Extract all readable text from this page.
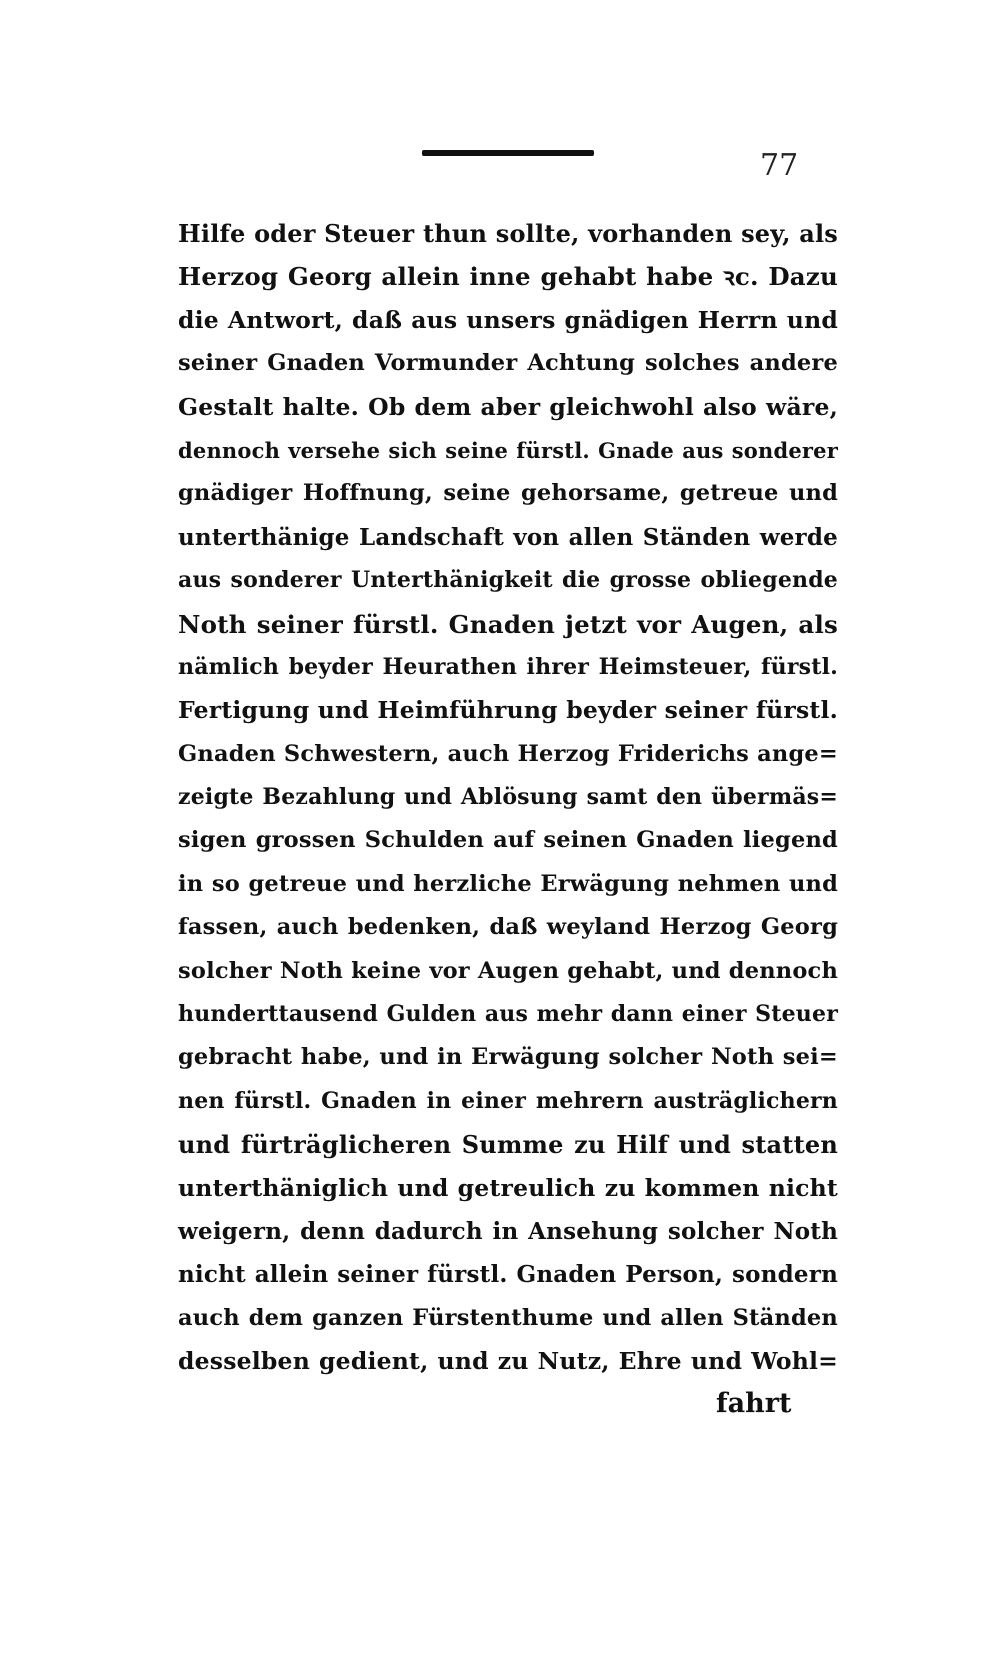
77
Hilfe oder Steuer thun sollte, vorhanden sey, als
Herzog Georg allein inne gehabt habe ꝛc. Dazu
die Antwort, daß aus unsers gnädigen Herrn und
seiner Gnaden Vormunder Achtung solches andere
Gestalt halte. Ob dem aber gleichwohl also wäre,
dennoch versehe sich seine fürstl. Gnade aus sonderer
gnädiger Hoffnung, seine gehorsame, getreue und
unterthänige Landschaft von allen Ständen werde
aus sonderer Unterthänigkeit die grosse obliegende
Noth seiner fürstl. Gnaden jetzt vor Augen, als
nämlich beyder Heurathen ihrer Heimsteuer, fürstl.
Fertigung und Heimführung beyder seiner fürstl.
Gnaden Schwestern, auch Herzog Friderichs ange=
zeigte Bezahlung und Ablösung samt den übermäs=
sigen grossen Schulden auf seinen Gnaden liegend
in so getreue und herzliche Erwägung nehmen und
fassen, auch bedenken, daß weyland Herzog Georg
solcher Noth keine vor Augen gehabt, und dennoch
hunderttausend Gulden aus mehr dann einer Steuer
gebracht habe, und in Erwägung solcher Noth sei=
nen fürstl. Gnaden in einer mehrern austräglichern
und fürträglicheren Summe zu Hilf und statten
unterthäniglich und getreulich zu kommen nicht
weigern, denn dadurch in Ansehung solcher Noth
nicht allein seiner fürstl. Gnaden Person, sondern
auch dem ganzen Fürstenthume und allen Ständen
desselben gedient, und zu Nutz, Ehre und Wohl=
fahrt
